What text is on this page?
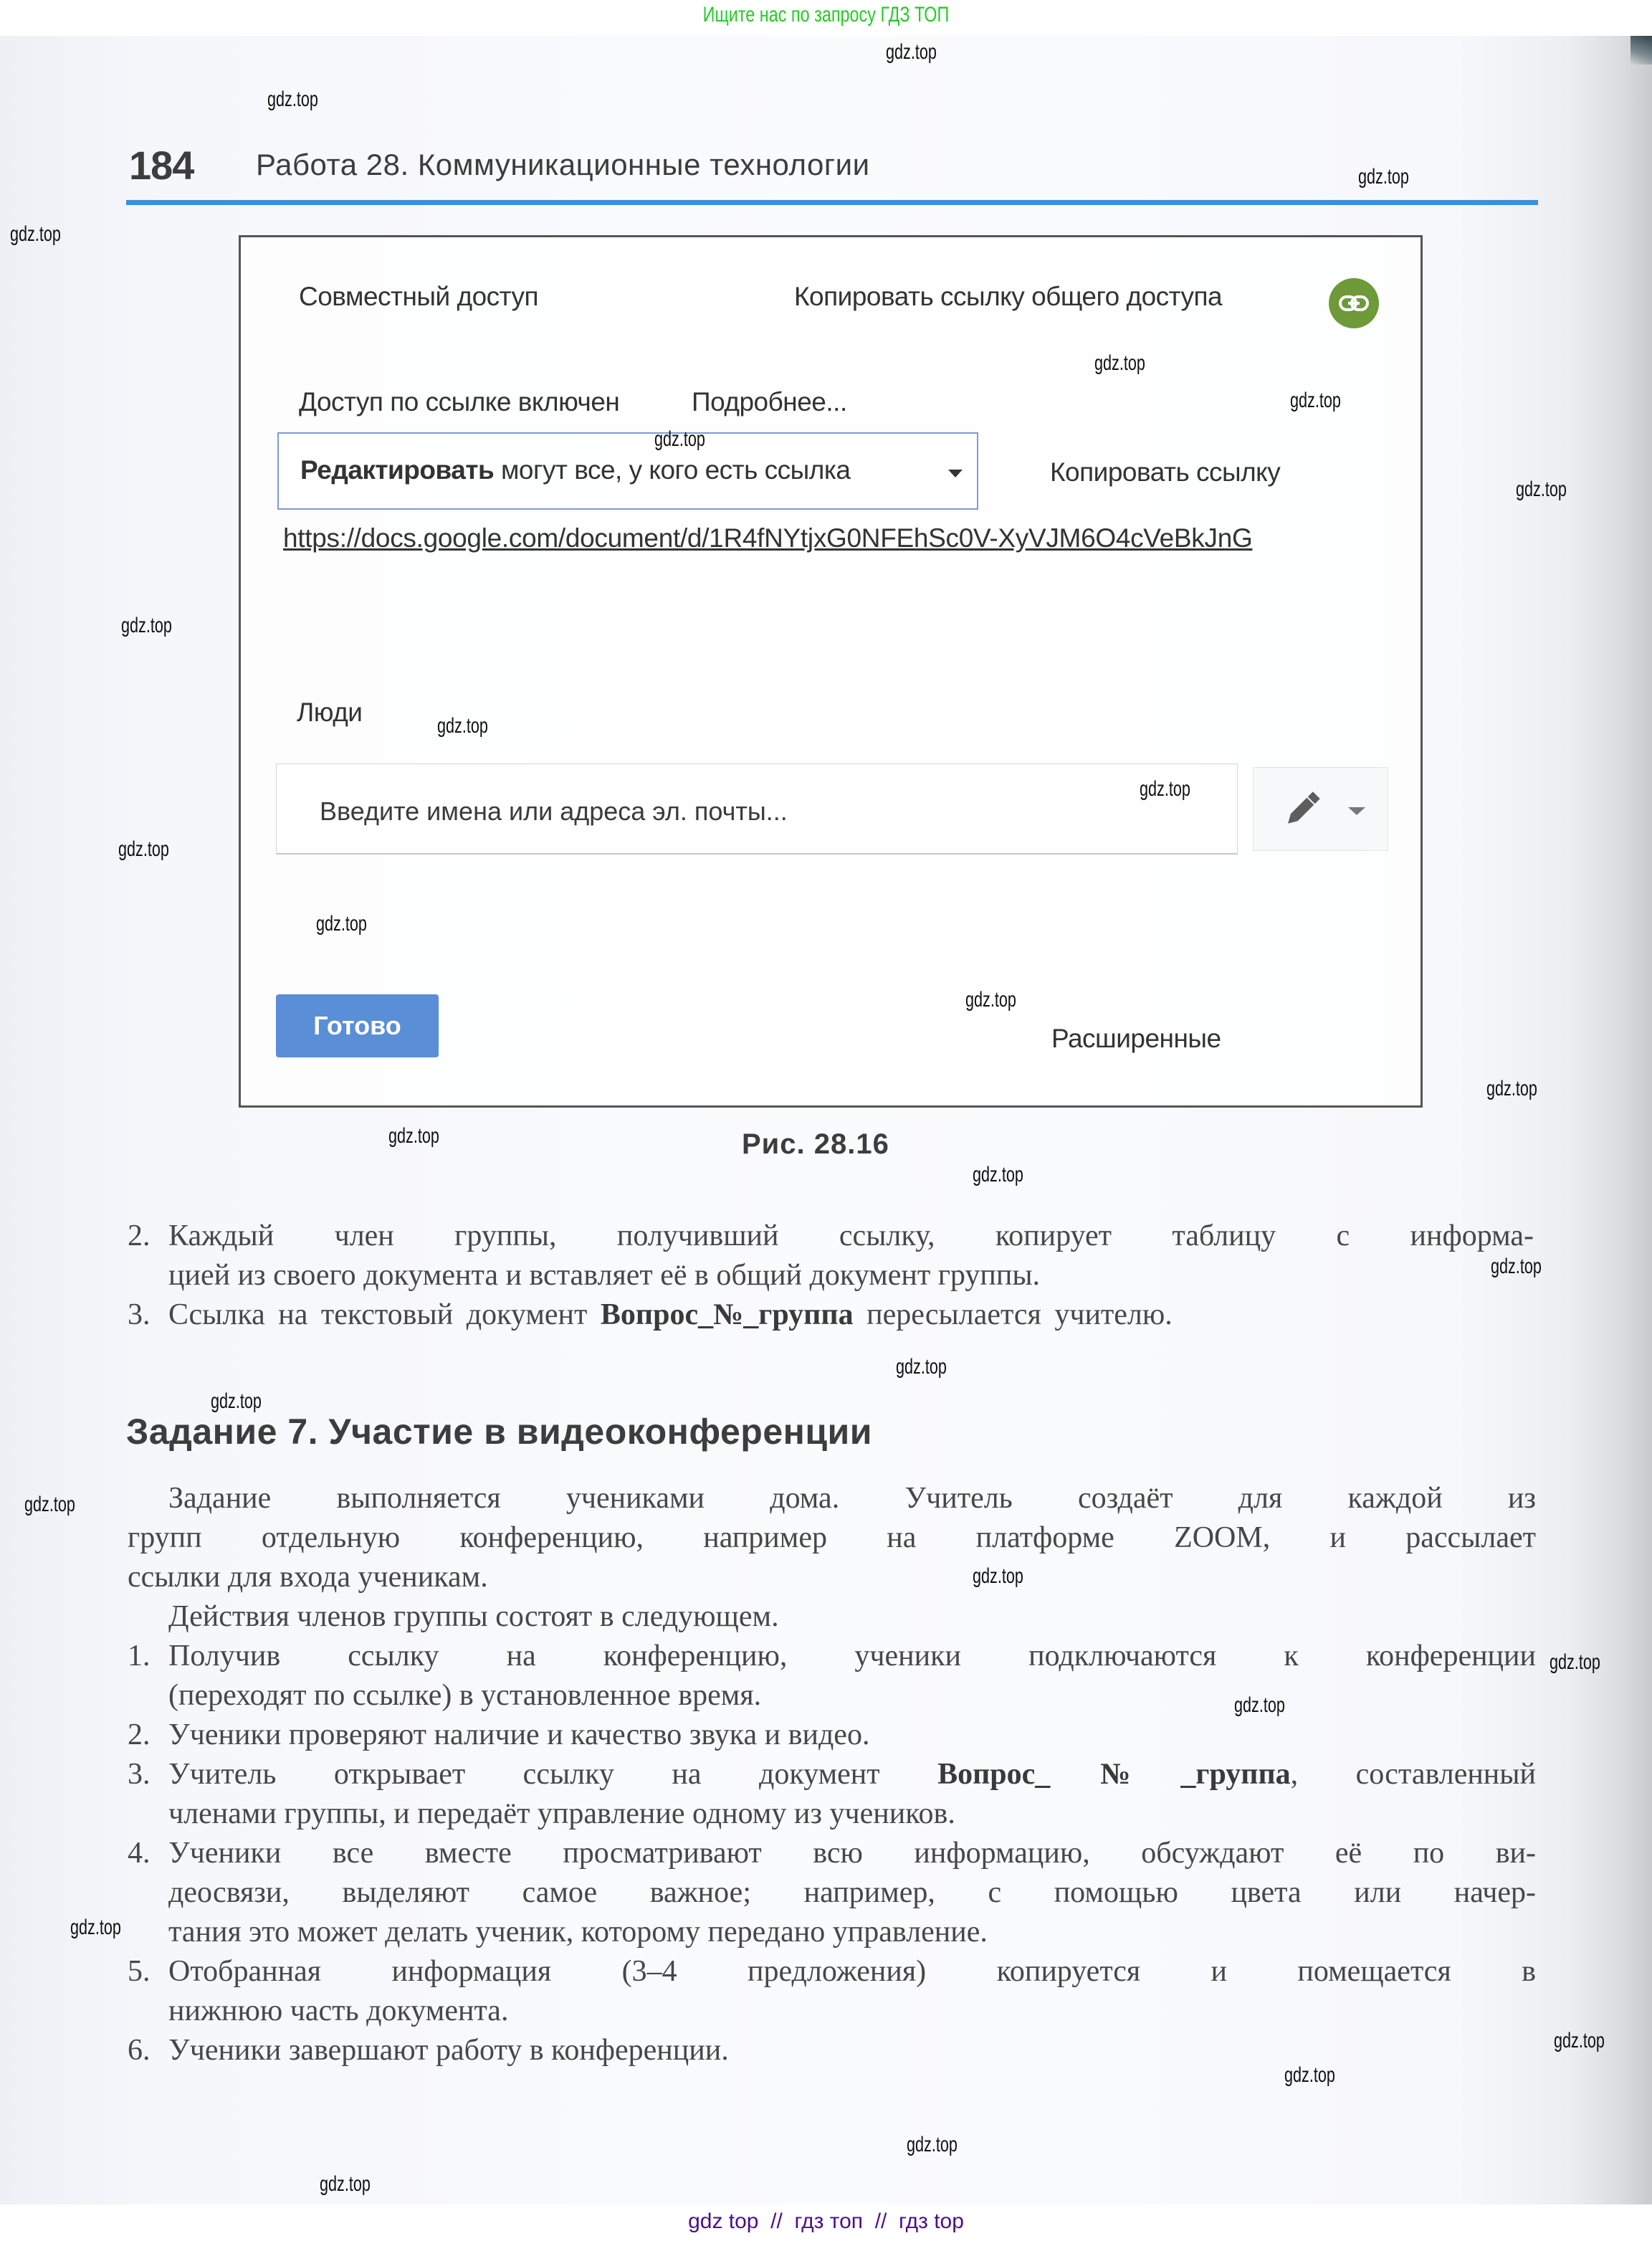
Ищите нас по запросу ГДЗ ТОП
184 Работа 28. Коммуникационные технологии
Совместный доступ	Копировать ссылку общего доступа
Доступ по ссылке включен	Подробнее...
Редактировать могут все, у кого есть ссылка	Копировать ссылку
https://docs.google.com/document/d/1R4fNYtjxG0NFEhSc0V-XyVJM6O4cVeBkJnG
Люди
Введите имена или адреса эл. почты...
Готово	Расширенные
Рис. 28.16
2. Каждый член группы, получивший ссылку, копирует таблицу с информа-
цией из своего документа и вставляет её в общий документ группы.
3. Ссылка на текстовый документ Вопрос_№_группа пересылается учителю.
Задание 7. Участие в видеоконференции
Задание выполняется учениками дома. Учитель создаёт для каждой из
групп отдельную конференцию, например на платформе ZOOM, и рассылает
ссылки для входа ученикам.
Действия членов группы состоят в следующем.
1. Получив ссылку на конференцию, ученики подключаются к конференции
(переходят по ссылке) в установленное время.
2. Ученики проверяют наличие и качество звука и видео.
3. Учитель открывает ссылку на документ Вопрос_№_группа, составленный
членами группы, и передаёт управление одному из учеников.
4. Ученики все вместе просматривают всю информацию, обсуждают её по ви-
деосвязи, выделяют самое важное; например, с помощью цвета или начер-
тания это может делать ученик, которому передано управление.
5. Отобранная информация (3–4 предложения) копируется и помещается в
нижнюю часть документа.
6. Ученики завершают работу в конференции.
gdz.top
gdz.top
gdz.top
gdz.top
gdz.top
gdz.top
gdz.top
gdz.top
gdz.top
gdz.top
gdz.top
gdz.top
gdz.top
gdz.top
gdz.top
gdz.top
gdz.top
gdz.top
gdz.top
gdz.top
gdz.top
gdz.top
gdz.top
gdz.top
gdz.top
gdz.top
gdz.top
gdz.top
gdz.top
gdz top  //  гдз топ  //  гдз top
